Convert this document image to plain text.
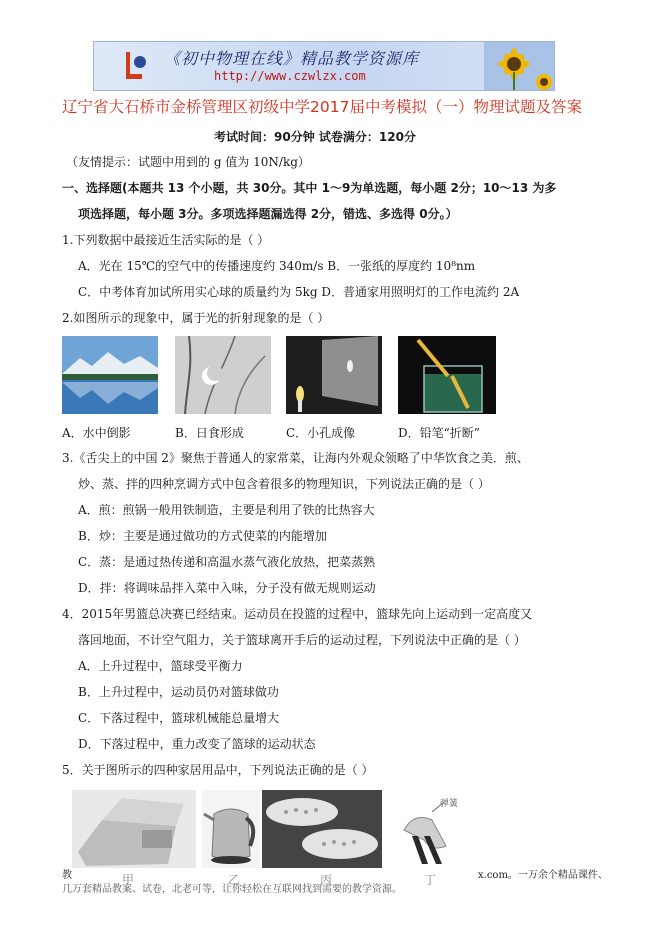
《初中物理在线》精品教学资源库
http://www.czwlzx.com
辽宁省大石桥市金桥管理区初级中学2017届中考模拟（一）物理试题及答案
考试时间：90分钟 试卷满分：120分
（友情提示：试题中用到的 g 值为 10N/kg）
一、选择题(本题共 13 个小题，共 30分。其中 1～9为单选题，每小题 2分；10～13 为多
项选择题，每小题 3分。多项选择题漏选得 2分，错选、多选得 0分。）
1.下列数据中最接近生活实际的是（ ）
A．光在 15℃的空气中的传播速度约 340m/s B．一张纸的厚度约 10⁸nm
C．中考体育加试所用实心球的质量约为 5kg D．普通家用照明灯的工作电流约 2A
2.如图所示的现象中，属于光的折射现象的是（ ）
A．水中倒影	B．日食形成	C．小孔成像	D．铅笔“折断”
3.《舌尖上的中国 2》聚焦于普通人的家常菜，让海内外观众领略了中华饮食之美．煎、
炒、蒸、拌的四种烹调方式中包含着很多的物理知识，下列说法正确的是（ ）
A．煎：煎锅一般用铁制造，主要是利用了铁的比热容大
B．炒：主要是通过做功的方式使菜的内能增加
C．蒸：是通过热传递和高温水蒸气液化放热，把菜蒸熟
D．拌：将调味品拌入菜中入味，分子没有做无规则运动
4．2015年男篮总决赛已经结束。运动员在投篮的过程中，篮球先向上运动到一定高度又
落回地面，不计空气阻力，关于篮球离开手后的运动过程，下列说法中正确的是（ ）
A．上升过程中，篮球受平衡力
B．上升过程中，运动员仍对篮球做功
C．下落过程中，篮球机械能总量增大
D．下落过程中，重力改变了篮球的运动状态
5．关于图所示的四种家居用品中，下列说法正确的是（ ）
弹簧
甲	乙	丙	丁
教	x.com。一万余个精品课件、
几万套精品教案、试卷，北老可等，让你轻松在互联网找到需要的教学资源。
